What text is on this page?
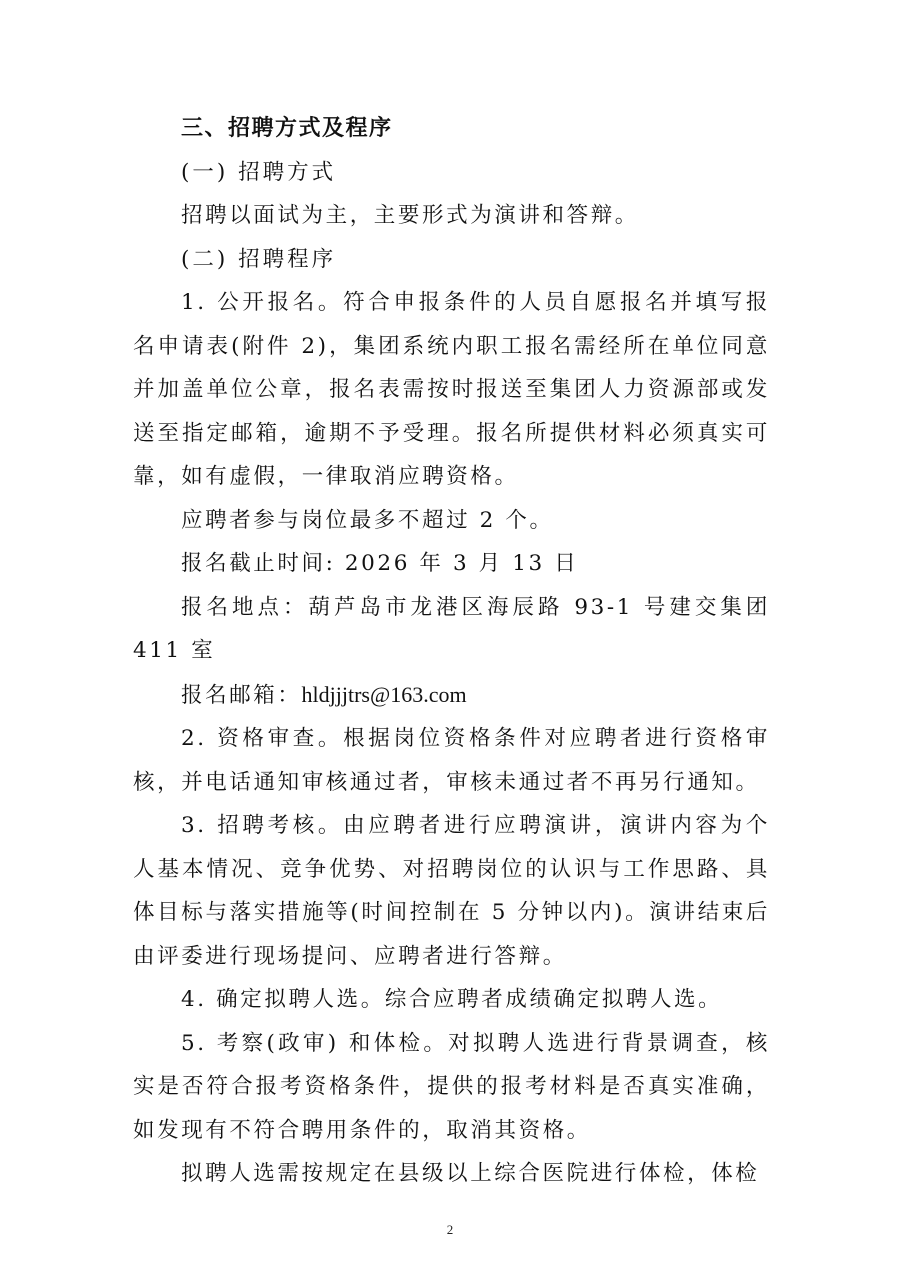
三、招聘方式及程序

(一) 招聘方式

招聘以面试为主，主要形式为演讲和答辩。

(二) 招聘程序

1. 公开报名。符合申报条件的人员自愿报名并填写报名申请表(附件 2)，集团系统内职工报名需经所在单位同意并加盖单位公章，报名表需按时报送至集团人力资源部或发送至指定邮箱，逾期不予受理。报名所提供材料必须真实可靠，如有虚假，一律取消应聘资格。

应聘者参与岗位最多不超过 2 个。

报名截止时间: 2026 年 3 月 13 日

报名地点：葫芦岛市龙港区海辰路 93-1 号建交集团 411 室

报名邮箱：hldjjjtrs@163.com

2. 资格审查。根据岗位资格条件对应聘者进行资格审核，并电话通知审核通过者，审核未通过者不再另行通知。

3. 招聘考核。由应聘者进行应聘演讲，演讲内容为个人基本情况、竞争优势、对招聘岗位的认识与工作思路、具体目标与落实措施等(时间控制在 5 分钟以内)。演讲结束后由评委进行现场提问、应聘者进行答辩。

4. 确定拟聘人选。综合应聘者成绩确定拟聘人选。

5. 考察(政审) 和体检。对拟聘人选进行背景调查，核实是否符合报考资格条件，提供的报考材料是否真实准确，如发现有不符合聘用条件的，取消其资格。

拟聘人选需按规定在县级以上综合医院进行体检，体检

2
